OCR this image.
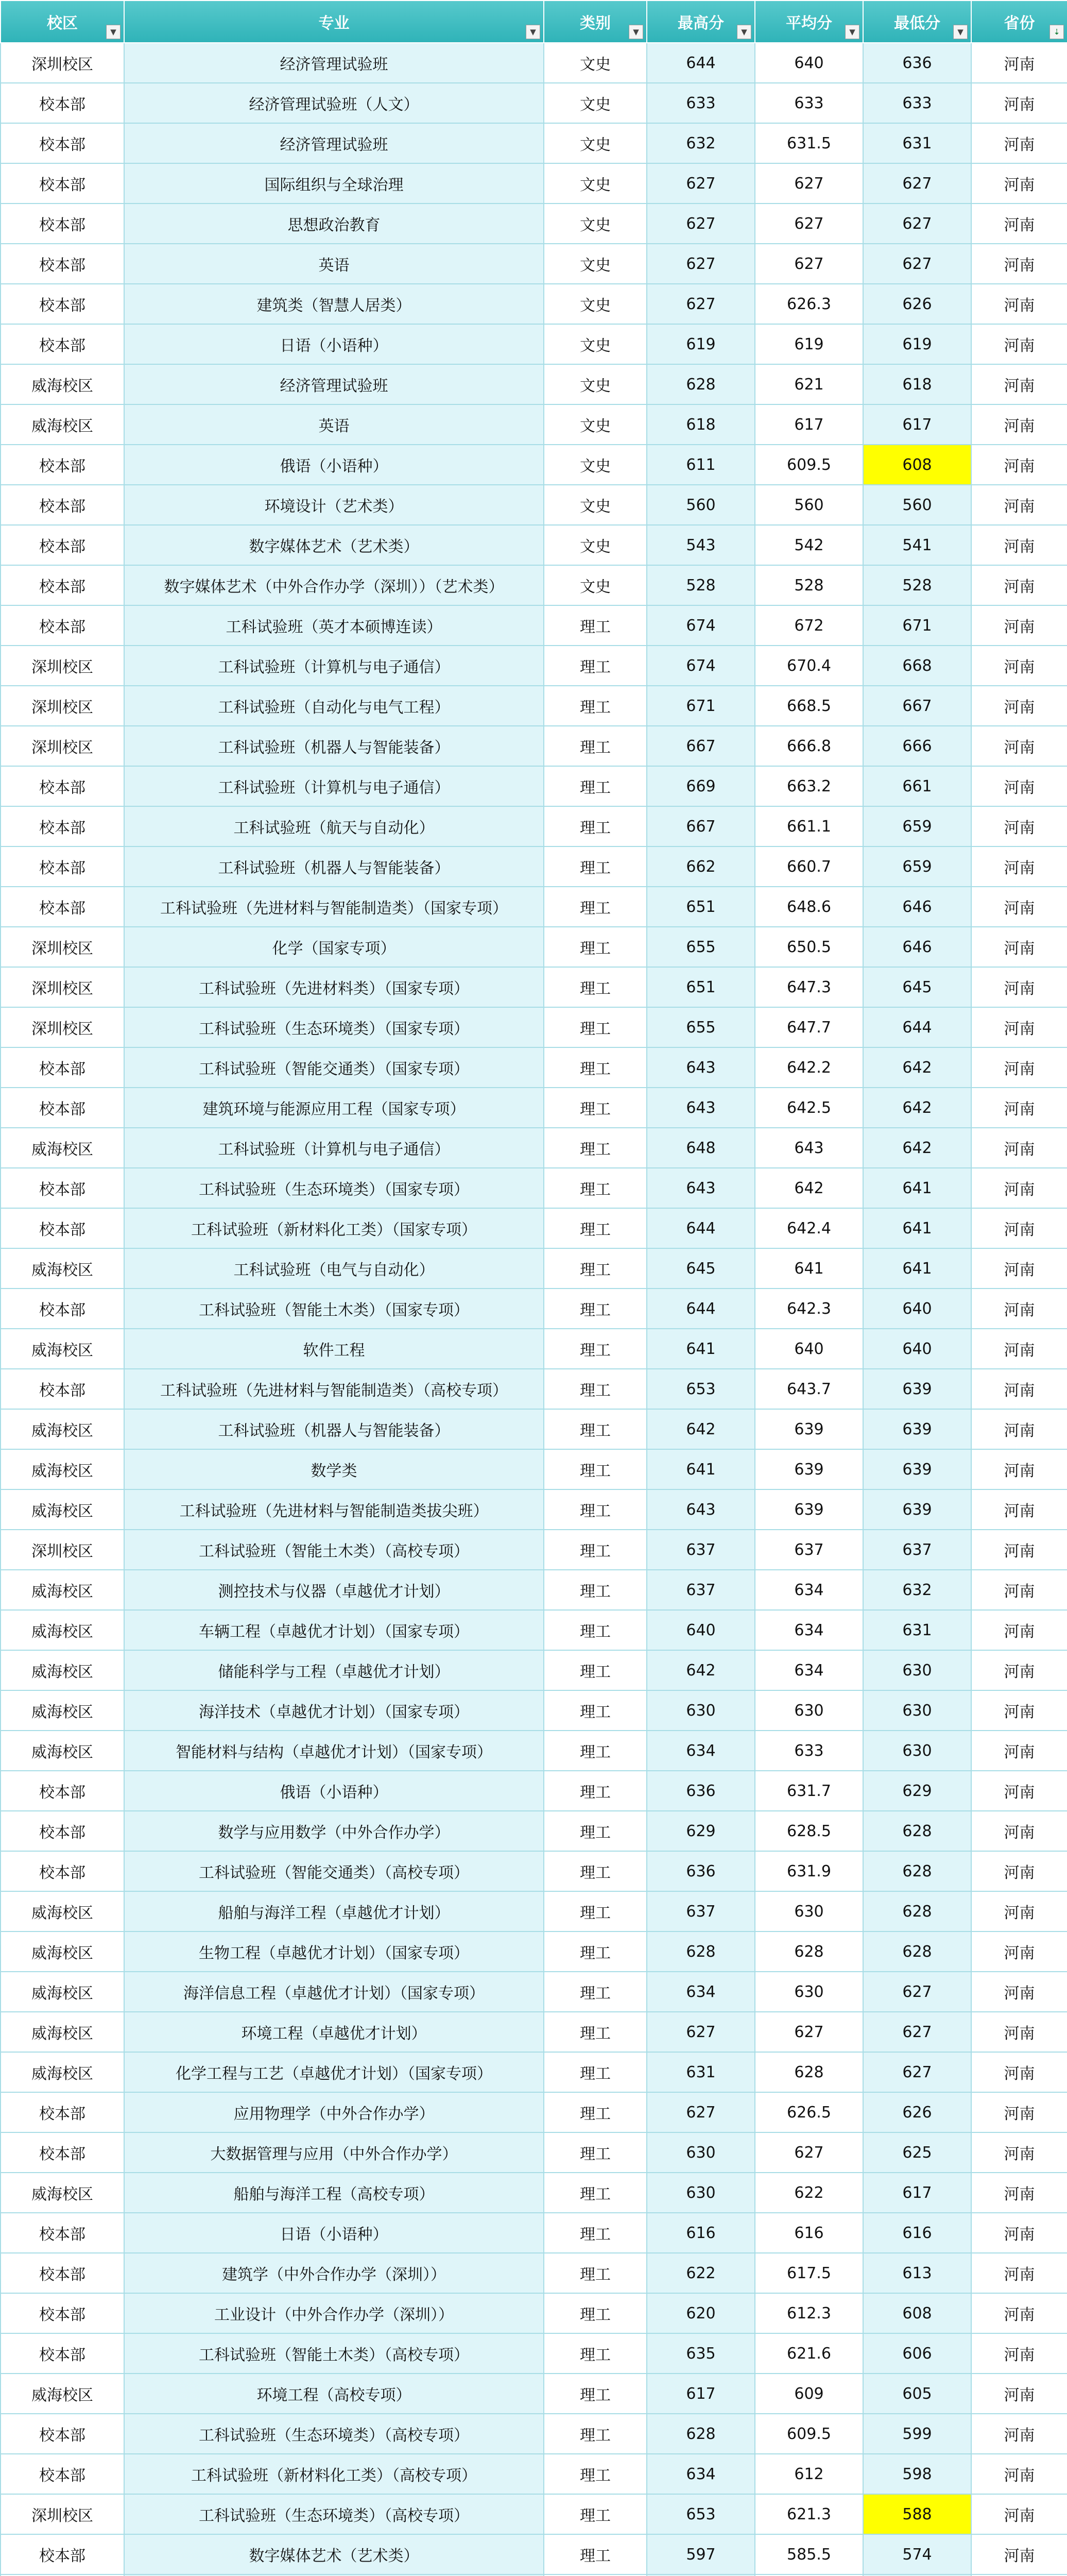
校区 ▼	专业 ▼	类别 ▼	最高分 ▼	平均分 ▼	最低分 ▼	省份 ⇣

深圳校区	经济管理试验班	文史	644	640	636	河南
校本部	经济管理试验班（人文）	文史	633	633	633	河南
校本部	经济管理试验班	文史	632	631.5	631	河南
校本部	国际组织与全球治理	文史	627	627	627	河南
校本部	思想政治教育	文史	627	627	627	河南
校本部	英语	文史	627	627	627	河南
校本部	建筑类（智慧人居类）	文史	627	626.3	626	河南
校本部	日语（小语种）	文史	619	619	619	河南
威海校区	经济管理试验班	文史	628	621	618	河南
威海校区	英语	文史	618	617	617	河南
校本部	俄语（小语种）	文史	611	609.5	608	河南
校本部	环境设计（艺术类）	文史	560	560	560	河南
校本部	数字媒体艺术（艺术类）	文史	543	542	541	河南
校本部	数字媒体艺术（中外合作办学（深圳））（艺术类）	文史	528	528	528	河南
校本部	工科试验班（英才本硕博连读）	理工	674	672	671	河南
深圳校区	工科试验班（计算机与电子通信）	理工	674	670.4	668	河南
深圳校区	工科试验班（自动化与电气工程）	理工	671	668.5	667	河南
深圳校区	工科试验班（机器人与智能装备）	理工	667	666.8	666	河南
校本部	工科试验班（计算机与电子通信）	理工	669	663.2	661	河南
校本部	工科试验班（航天与自动化）	理工	667	661.1	659	河南
校本部	工科试验班（机器人与智能装备）	理工	662	660.7	659	河南
校本部	工科试验班（先进材料与智能制造类）（国家专项）	理工	651	648.6	646	河南
深圳校区	化学（国家专项）	理工	655	650.5	646	河南
深圳校区	工科试验班（先进材料类）（国家专项）	理工	651	647.3	645	河南
深圳校区	工科试验班（生态环境类）（国家专项）	理工	655	647.7	644	河南
校本部	工科试验班（智能交通类）（国家专项）	理工	643	642.2	642	河南
校本部	建筑环境与能源应用工程（国家专项）	理工	643	642.5	642	河南
威海校区	工科试验班（计算机与电子通信）	理工	648	643	642	河南
校本部	工科试验班（生态环境类）（国家专项）	理工	643	642	641	河南
校本部	工科试验班（新材料化工类）（国家专项）	理工	644	642.4	641	河南
威海校区	工科试验班（电气与自动化）	理工	645	641	641	河南
校本部	工科试验班（智能土木类）（国家专项）	理工	644	642.3	640	河南
威海校区	软件工程	理工	641	640	640	河南
校本部	工科试验班（先进材料与智能制造类）（高校专项）	理工	653	643.7	639	河南
威海校区	工科试验班（机器人与智能装备）	理工	642	639	639	河南
威海校区	数学类	理工	641	639	639	河南
威海校区	工科试验班（先进材料与智能制造类拔尖班）	理工	643	639	639	河南
深圳校区	工科试验班（智能土木类）（高校专项）	理工	637	637	637	河南
威海校区	测控技术与仪器（卓越优才计划）	理工	637	634	632	河南
威海校区	车辆工程（卓越优才计划）（国家专项）	理工	640	634	631	河南
威海校区	储能科学与工程（卓越优才计划）	理工	642	634	630	河南
威海校区	海洋技术（卓越优才计划）（国家专项）	理工	630	630	630	河南
威海校区	智能材料与结构（卓越优才计划）（国家专项）	理工	634	633	630	河南
校本部	俄语（小语种）	理工	636	631.7	629	河南
校本部	数学与应用数学（中外合作办学）	理工	629	628.5	628	河南
校本部	工科试验班（智能交通类）（高校专项）	理工	636	631.9	628	河南
威海校区	船舶与海洋工程（卓越优才计划）	理工	637	630	628	河南
威海校区	生物工程（卓越优才计划）（国家专项）	理工	628	628	628	河南
威海校区	海洋信息工程（卓越优才计划）（国家专项）	理工	634	630	627	河南
威海校区	环境工程（卓越优才计划）	理工	627	627	627	河南
威海校区	化学工程与工艺（卓越优才计划）（国家专项）	理工	631	628	627	河南
校本部	应用物理学（中外合作办学）	理工	627	626.5	626	河南
校本部	大数据管理与应用（中外合作办学）	理工	630	627	625	河南
威海校区	船舶与海洋工程（高校专项）	理工	630	622	617	河南
校本部	日语（小语种）	理工	616	616	616	河南
校本部	建筑学（中外合作办学（深圳））	理工	622	617.5	613	河南
校本部	工业设计（中外合作办学（深圳））	理工	620	612.3	608	河南
校本部	工科试验班（智能土木类）（高校专项）	理工	635	621.6	606	河南
威海校区	环境工程（高校专项）	理工	617	609	605	河南
校本部	工科试验班（生态环境类）（高校专项）	理工	628	609.5	599	河南
校本部	工科试验班（新材料化工类）（高校专项）	理工	634	612	598	河南
深圳校区	工科试验班（生态环境类）（高校专项）	理工	653	621.3	588	河南
校本部	数字媒体艺术（艺术类）	理工	597	585.5	574	河南
